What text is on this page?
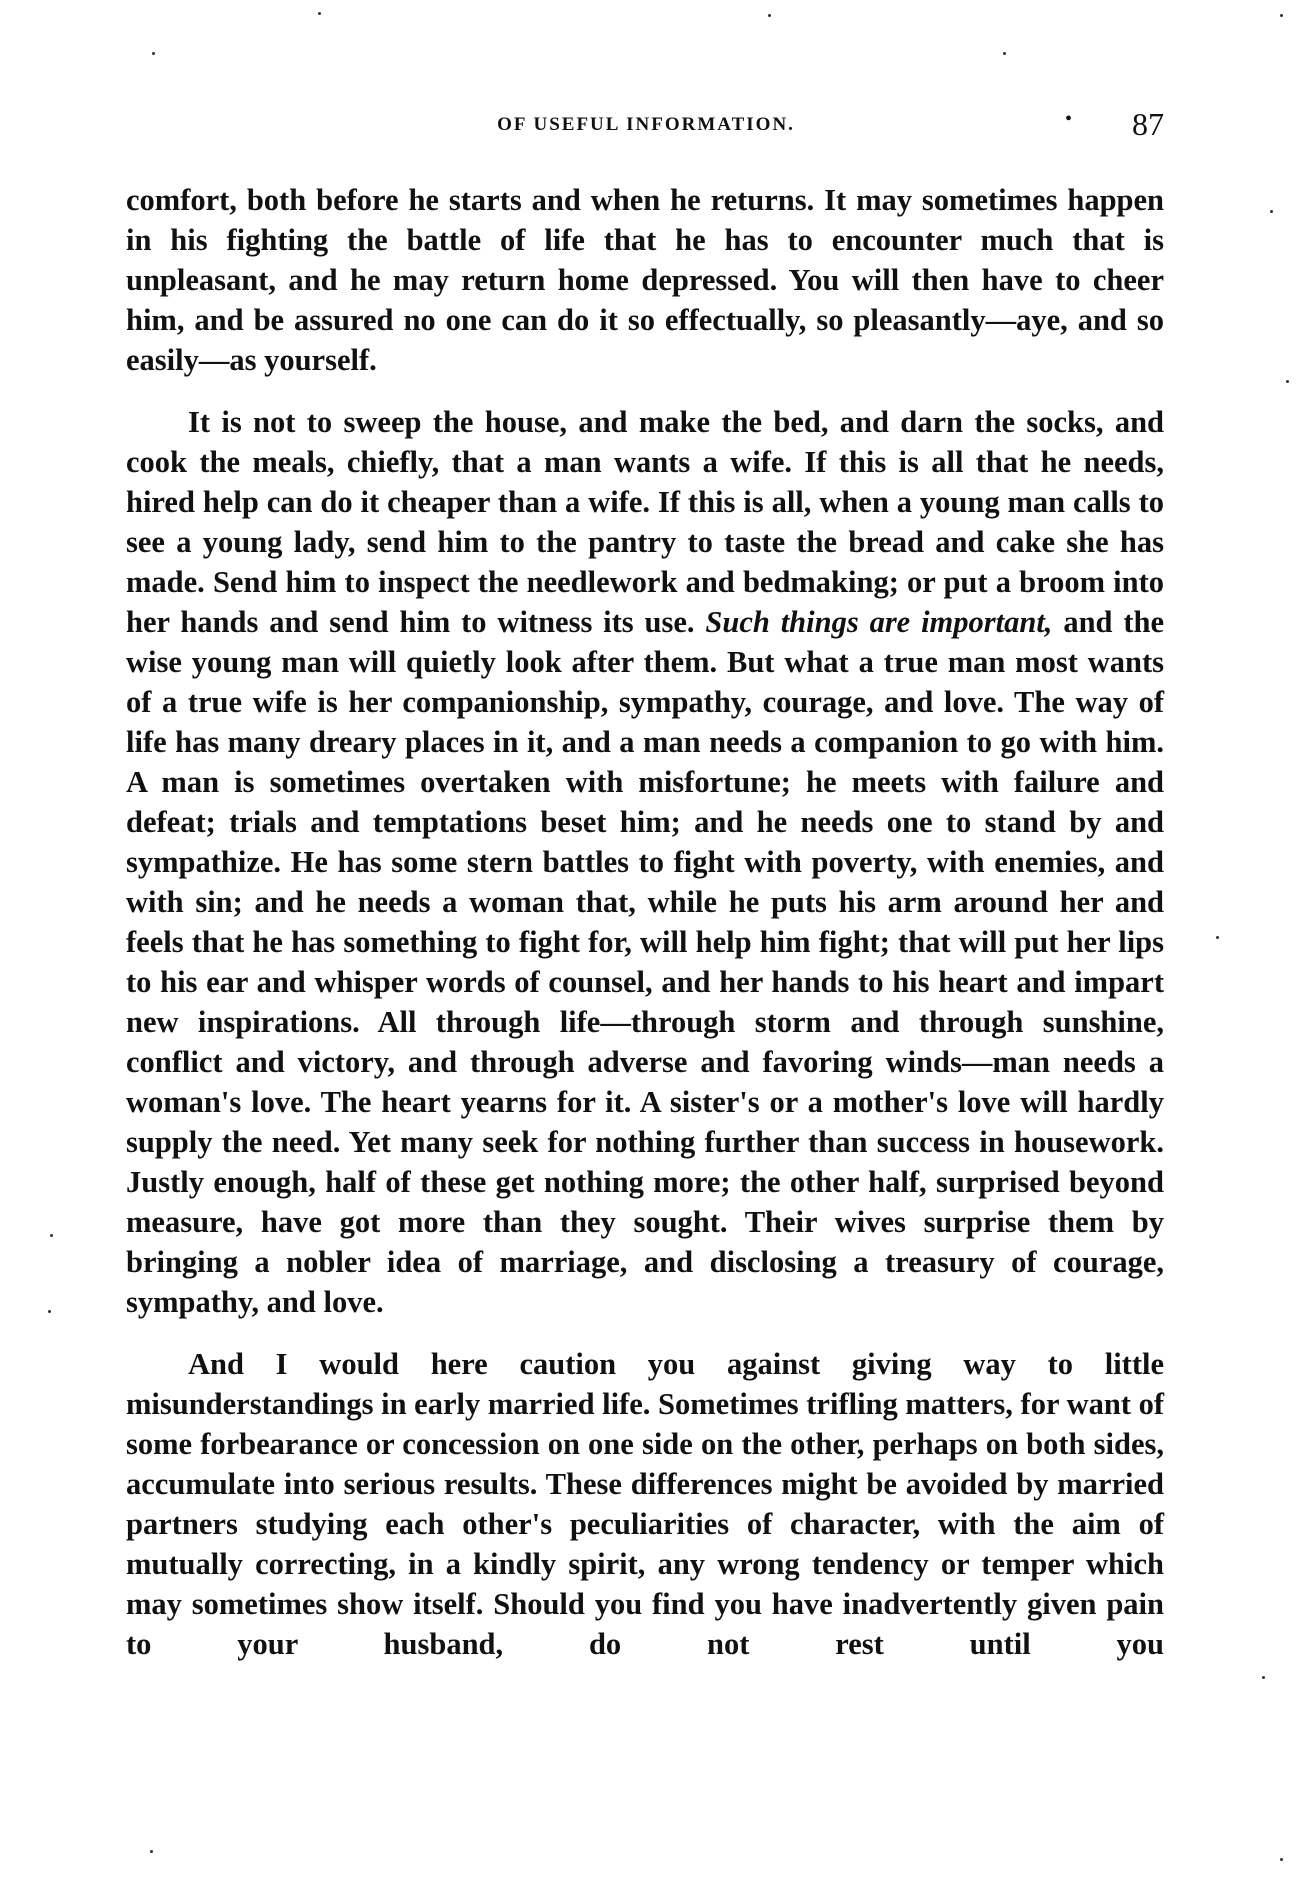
OF USEFUL INFORMATION.	• 87

comfort, both before he starts and when he returns. It may sometimes happen in his fighting the battle of life that he has to encounter much that is unpleasant, and he may return home depressed. You will then have to cheer him, and be assured no one can do it so effectually, so pleasantly—aye, and so easily—as yourself.

It is not to sweep the house, and make the bed, and darn the socks, and cook the meals, chiefly, that a man wants a wife. If this is all that he needs, hired help can do it cheaper than a wife. If this is all, when a young man calls to see a young lady, send him to the pantry to taste the bread and cake she has made. Send him to inspect the needlework and bedmaking; or put a broom into her hands and send him to witness its use. Such things are important, and the wise young man will quietly look after them. But what a true man most wants of a true wife is her companionship, sympathy, courage, and love. The way of life has many dreary places in it, and a man needs a companion to go with him. A man is sometimes overtaken with misfortune; he meets with failure and defeat; trials and temptations beset him; and he needs one to stand by and sympathize. He has some stern battles to fight with poverty, with enemies, and with sin; and he needs a woman that, while he puts his arm around her and feels that he has something to fight for, will help him fight; that will put her lips to his ear and whisper words of counsel, and her hands to his heart and impart new inspirations. All through life—through storm and through sunshine, conflict and victory, and through adverse and favoring winds—man needs a woman's love. The heart yearns for it. A sister's or a mother's love will hardly supply the need. Yet many seek for nothing further than success in housework. Justly enough, half of these get nothing more; the other half, surprised beyond measure, have got more than they sought. Their wives surprise them by bringing a nobler idea of marriage, and disclosing a treasury of courage, sympathy, and love.

And I would here caution you against giving way to little misunderstandings in early married life. Sometimes trifling matters, for want of some forbearance or concession on one side on the other, perhaps on both sides, accumulate into serious results. These differences might be avoided by married partners studying each other's peculiarities of character, with the aim of mutually correcting, in a kindly spirit, any wrong tendency or temper which may sometimes show itself. Should you find you have inadvertently given pain to your husband, do not rest until you
